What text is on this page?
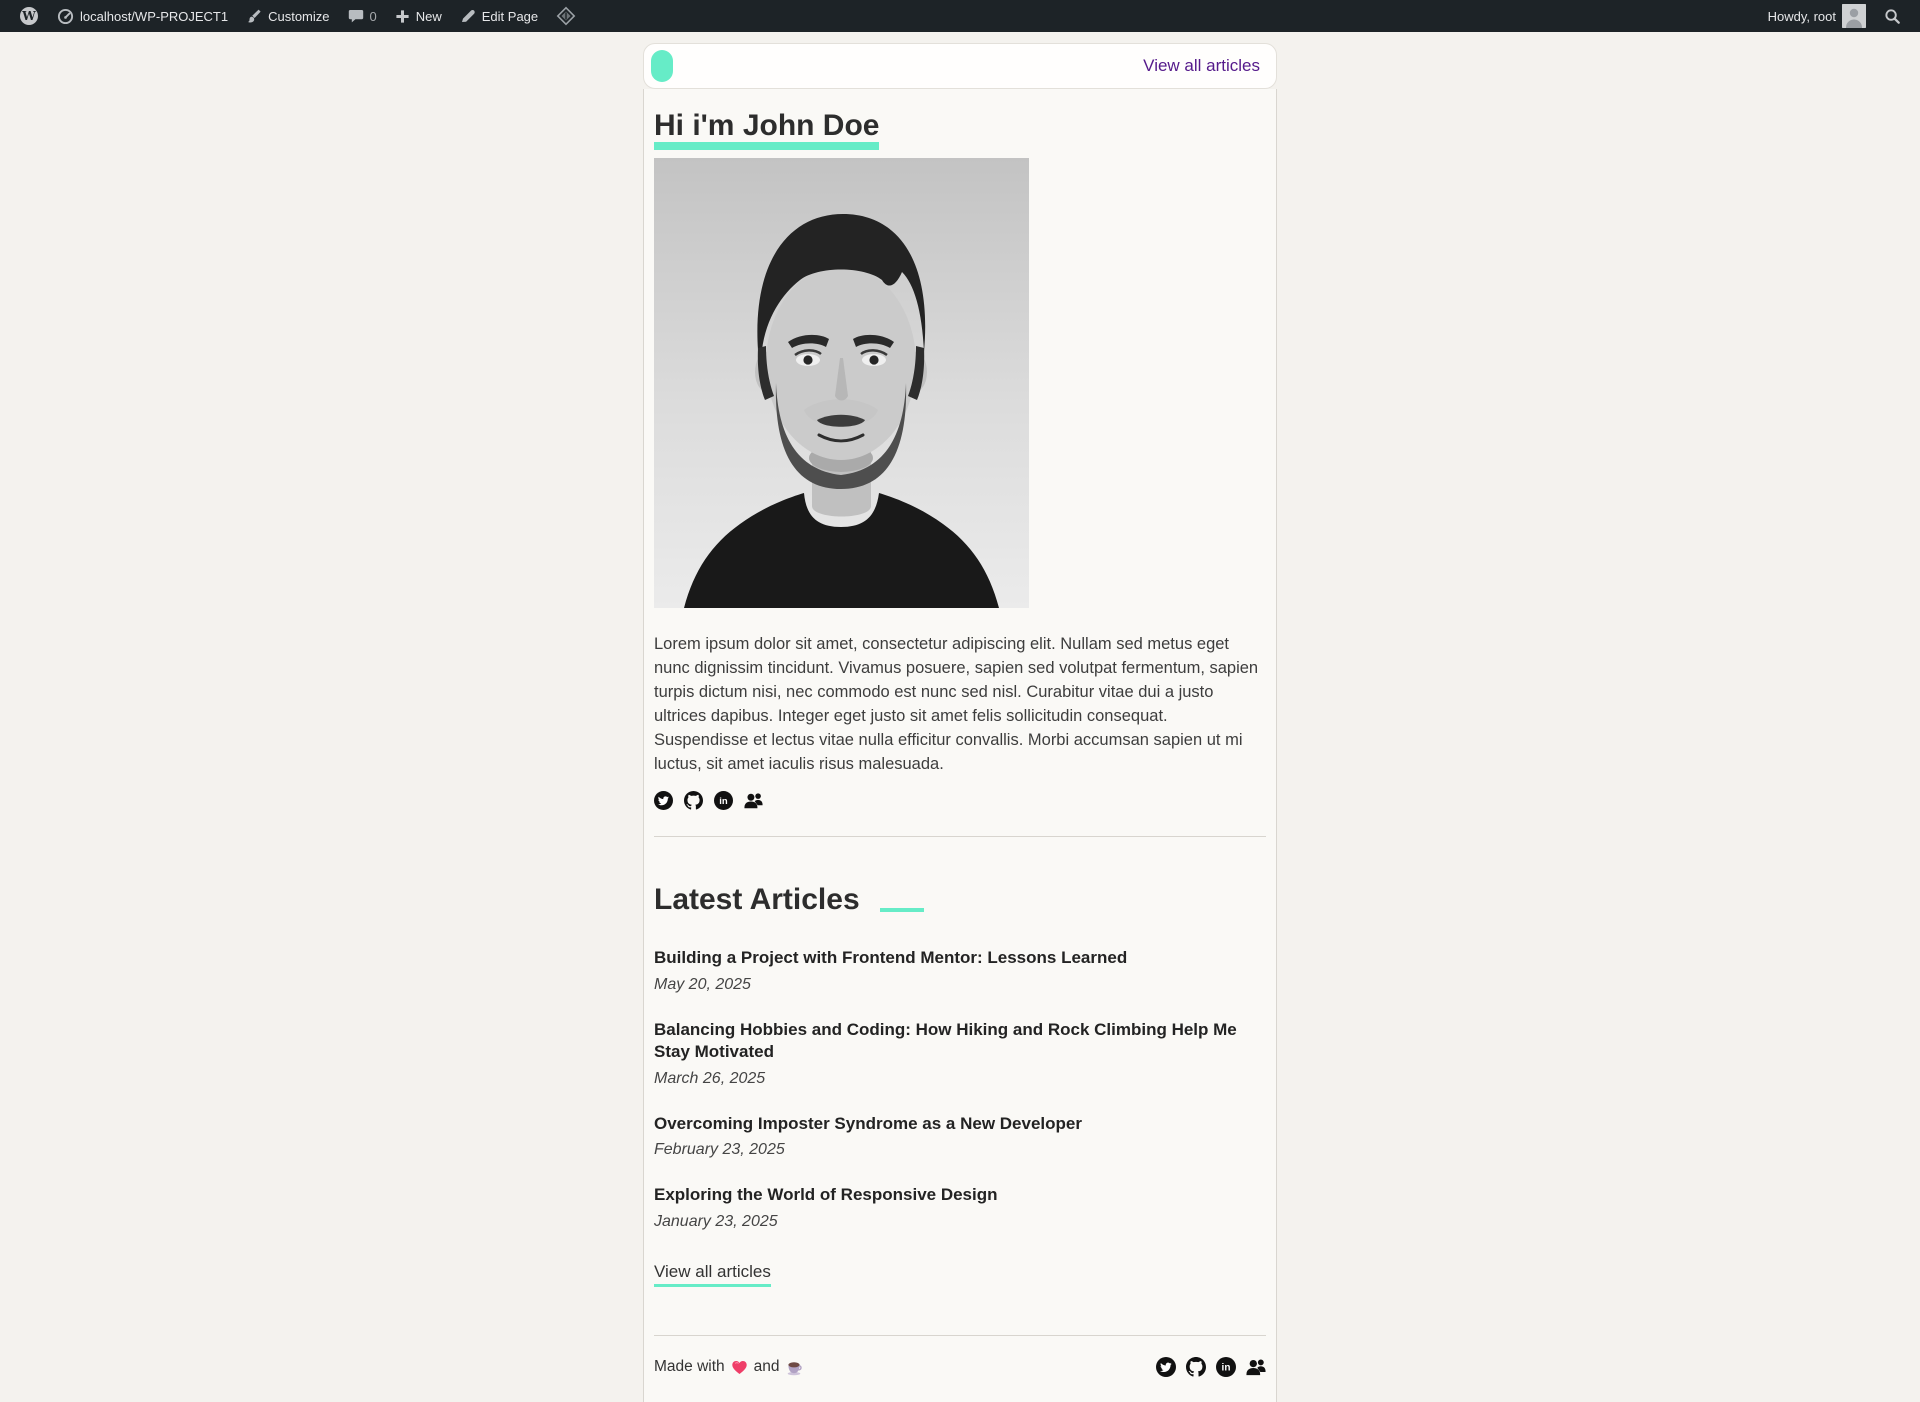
W	localhost/WP-PROJECT1	Customize	0	New	Edit Page	Howdy, root
View all articles
Hi i'm John Doe

Lorem ipsum dolor sit amet, consectetur adipiscing elit. Nullam sed metus eget nunc dignissim tincidunt. Vivamus posuere, sapien sed volutpat fermentum, sapien turpis dictum nisi, nec commodo est nunc sed nisl. Curabitur vitae dui a justo ultrices dapibus. Integer eget justo sit amet felis sollicitudin consequat. Suspendisse et lectus vitae nulla efficitur convallis. Morbi accumsan sapien ut mi luctus, sit amet iaculis risus malesuada.

in
Latest Articles
Building a Project with Frontend Mentor: Lessons Learned
May 20, 2025
Balancing Hobbies and Coding: How Hiking and Rock Climbing Help Me Stay Motivated
March 26, 2025
Overcoming Imposter Syndrome as a New Developer
February 23, 2025
Exploring the World of Responsive Design
January 23, 2025
View all articles
Made with and	in
